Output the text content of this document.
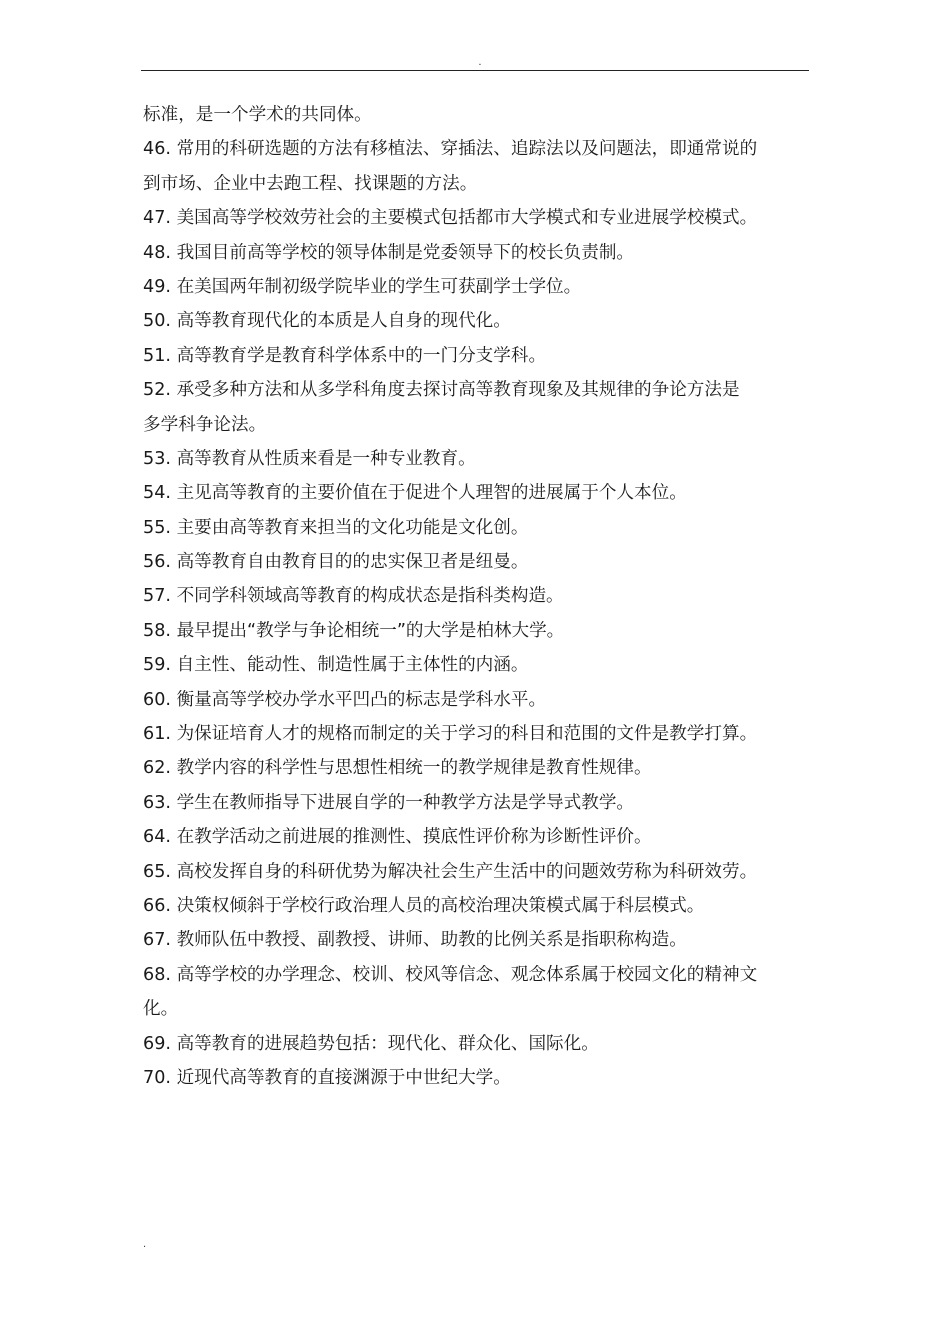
.
标准，是一个学术的共同体。
46. 常用的科研选题的方法有移植法、穿插法、追踪法以及问题法，即通常说的
到市场、企业中去跑工程、找课题的方法。
47. 美国高等学校效劳社会的主要模式包括都市大学模式和专业进展学校模式。
48. 我国目前高等学校的领导体制是党委领导下的校长负责制。
49. 在美国两年制初级学院毕业的学生可获副学士学位。
50. 高等教育现代化的本质是人自身的现代化。
51. 高等教育学是教育科学体系中的一门分支学科。
52. 承受多种方法和从多学科角度去探讨高等教育现象及其规律的争论方法是
多学科争论法。
53. 高等教育从性质来看是一种专业教育。
54. 主见高等教育的主要价值在于促进个人理智的进展属于个人本位。
55. 主要由高等教育来担当的文化功能是文化创。
56. 高等教育自由教育目的的忠实保卫者是纽曼。
57. 不同学科领域高等教育的构成状态是指科类构造。
58. 最早提出“教学与争论相统一”的大学是柏林大学。
59. 自主性、能动性、制造性属于主体性的内涵。
60. 衡量高等学校办学水平凹凸的标志是学科水平。
61. 为保证培育人才的规格而制定的关于学习的科目和范围的文件是教学打算。
62. 教学内容的科学性与思想性相统一的教学规律是教育性规律。
63. 学生在教师指导下进展自学的一种教学方法是学导式教学。
64. 在教学活动之前进展的推测性、摸底性评价称为诊断性评价。
65. 高校发挥自身的科研优势为解决社会生产生活中的问题效劳称为科研效劳。
66. 决策权倾斜于学校行政治理人员的高校治理决策模式属于科层模式。
67. 教师队伍中教授、副教授、讲师、助教的比例关系是指职称构造。
68. 高等学校的办学理念、校训、校风等信念、观念体系属于校园文化的精神文
化。
69. 高等教育的进展趋势包括：现代化、群众化、国际化。
70. 近现代高等教育的直接渊源于中世纪大学。
.
